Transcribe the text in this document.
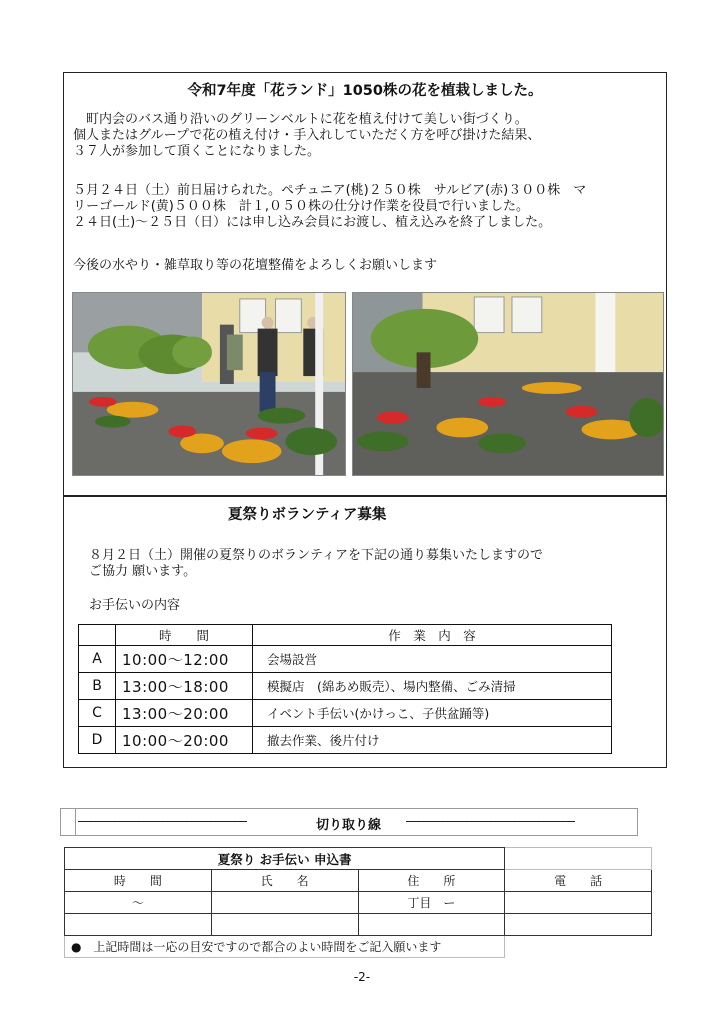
令和7年度「花ランド」1050株の花を植栽しました。
　町内会のバス通り沿いのグリーンベルトに花を植え付けて美しい街づくり。
個人またはグループで花の植え付け・手入れしていただく方を呼び掛けた結果、
３７人が参加して頂くことになりました。
５月２４日（土）前日届けられた。ペチュニア(桃)２５０株　サルビア(赤)３００株　マ
リーゴールド(黄)５００株　計１,０５０株の仕分け作業を役員で行いました。
２４日(土)～２５日（日）には申し込み会員にお渡し、植え込みを終了しました。
今後の水やり・雑草取り等の花壇整備をよろしくお願いします
夏祭りボランティア募集
８月２日（土）開催の夏祭りのボランティアを下記の通り募集いたしますので
ご協力 願います。
お手伝いの内容
	時　　間	作　業　内　容
A	10:00～12:00	会場設営
B	13:00～18:00	模擬店　(綿あめ販売）、場内整備、ごみ清掃
C	13:00～20:00	イベント手伝い(かけっこ、子供盆踊等)
D	10:00～20:00	撤去作業、後片付け
――――――――――――――	切り取り線 ――――――――――――――
夏祭り お手伝い 申込書			
時　　間	氏　　名	住　　所	電　　話
～		丁目　ー	

● 上記時間は一応の目安ですので都合のよい時間をご記入願います			
-2-
